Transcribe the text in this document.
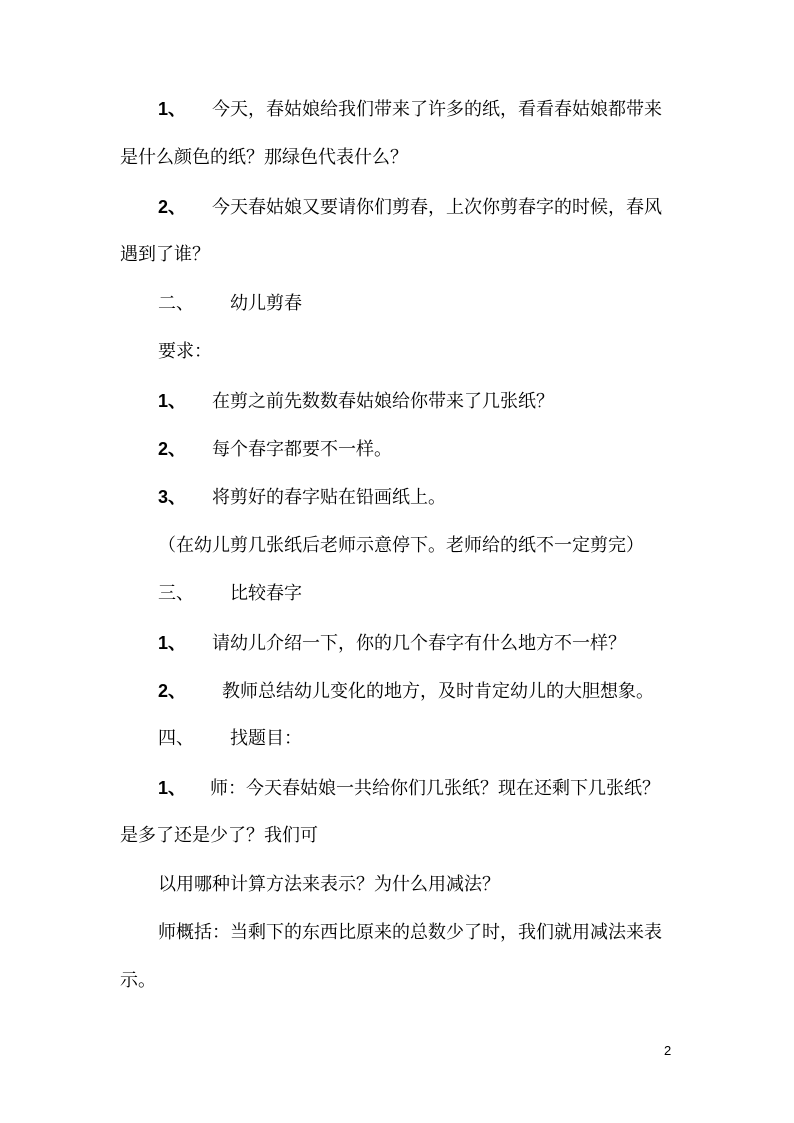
1、 今天，春姑娘给我们带来了许多的纸，看看春姑娘都带来
是什么颜色的纸？那绿色代表什么？
2、 今天春姑娘又要请你们剪春，上次你剪春字的时候，春风
遇到了谁？
二、 幼儿剪春
要求：
1、 在剪之前先数数春姑娘给你带来了几张纸？
2、 每个春字都要不一样。
3、 将剪好的春字贴在铅画纸上。
（在幼儿剪几张纸后老师示意停下。老师给的纸不一定剪完）
三、 比较春字
1、 请幼儿介绍一下，你的几个春字有什么地方不一样？
2、 教师总结幼儿变化的地方，及时肯定幼儿的大胆想象。
四、 找题目：
1、 师：今天春姑娘一共给你们几张纸？现在还剩下几张纸？
是多了还是少了？我们可
以用哪种计算方法来表示？为什么用减法？
师概括：当剩下的东西比原来的总数少了时，我们就用减法来表
示。
2
